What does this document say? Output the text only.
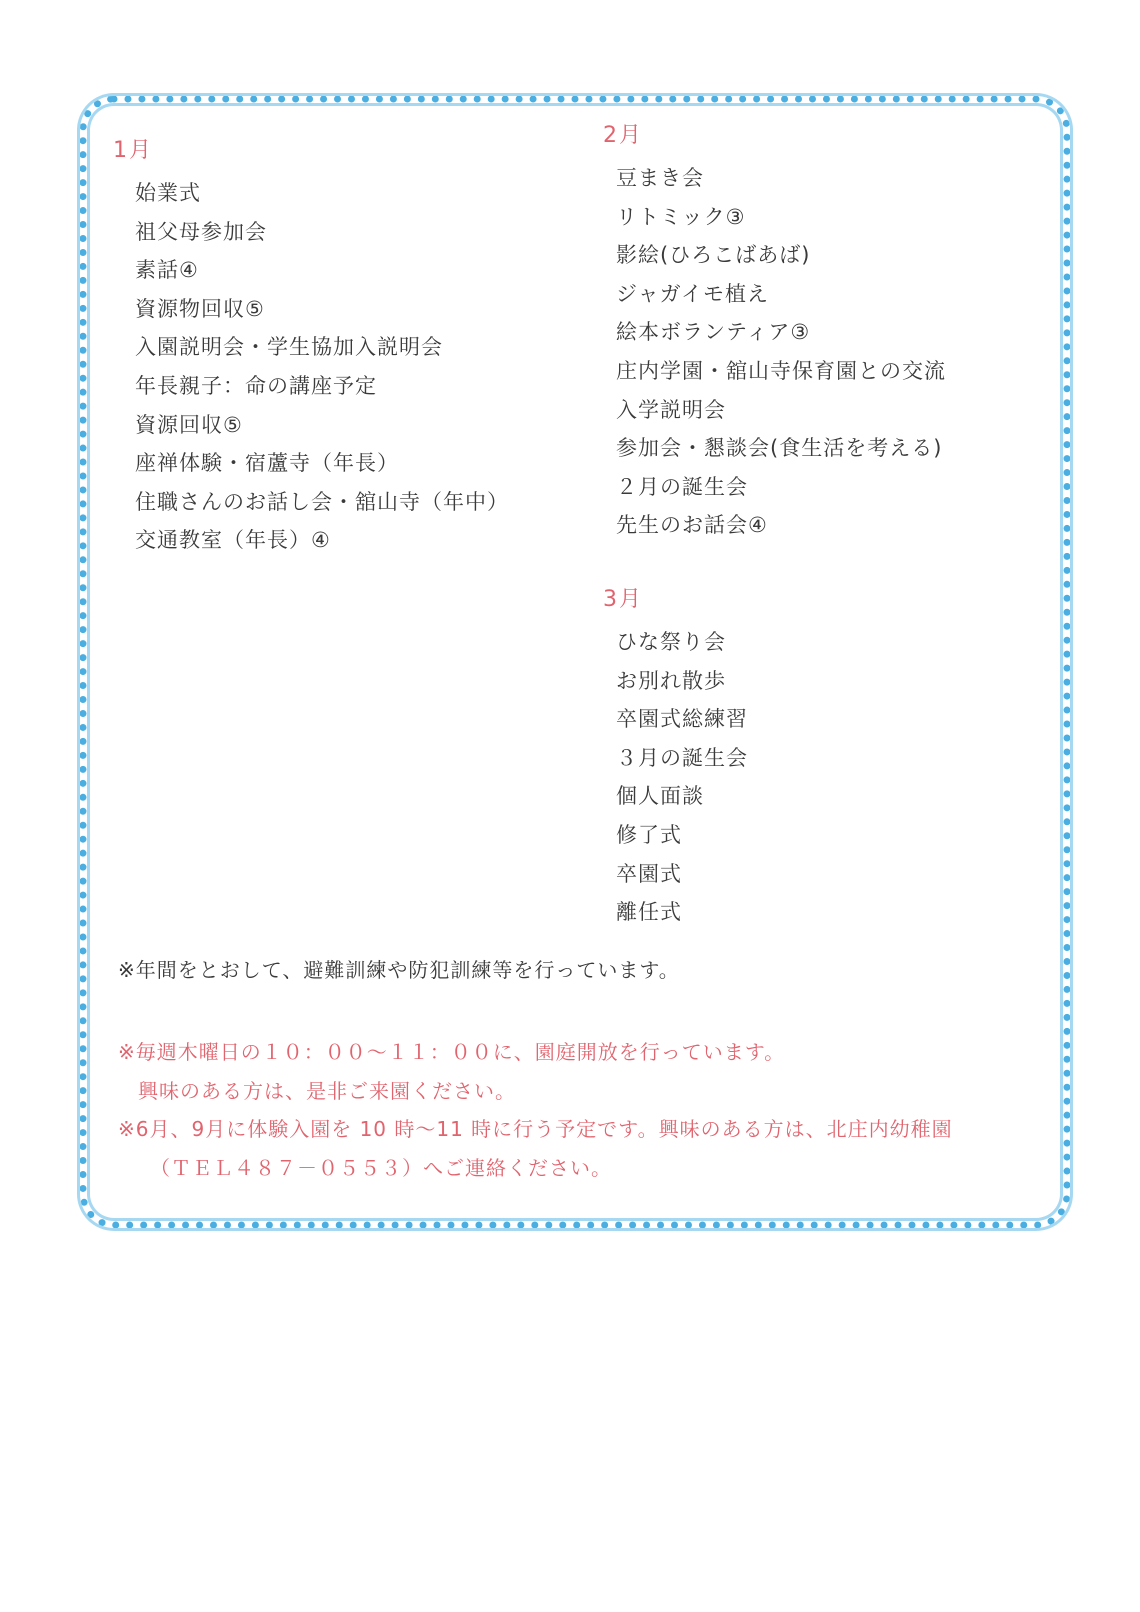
1月
始業式
祖父母参加会
素話④
資源物回収⑤
入園説明会・学生協加入説明会
年長親子：命の講座予定
資源回収⑤
座禅体験・宿蘆寺（年長）
住職さんのお話し会・舘山寺（年中）
交通教室（年長）④
2月
豆まき会
リトミック③
影絵(ひろこばあば)
ジャガイモ植え
絵本ボランティア③
庄内学園・舘山寺保育園との交流
入学説明会
参加会・懇談会(食生活を考える)
２月の誕生会
先生のお話会④
3月
ひな祭り会
お別れ散歩
卒園式総練習
３月の誕生会
個人面談
修了式
卒園式
離任式
※年間をとおして、避難訓練や防犯訓練等を行っています。
※毎週木曜日の１０：００～１１：００に、園庭開放を行っています。
興味のある方は、是非ご来園ください。
※6月、9月に体験入園を 10 時～11 時に行う予定です。興味のある方は、北庄内幼稚園
（ＴＥＬ４８７－０５５３）へご連絡ください。
